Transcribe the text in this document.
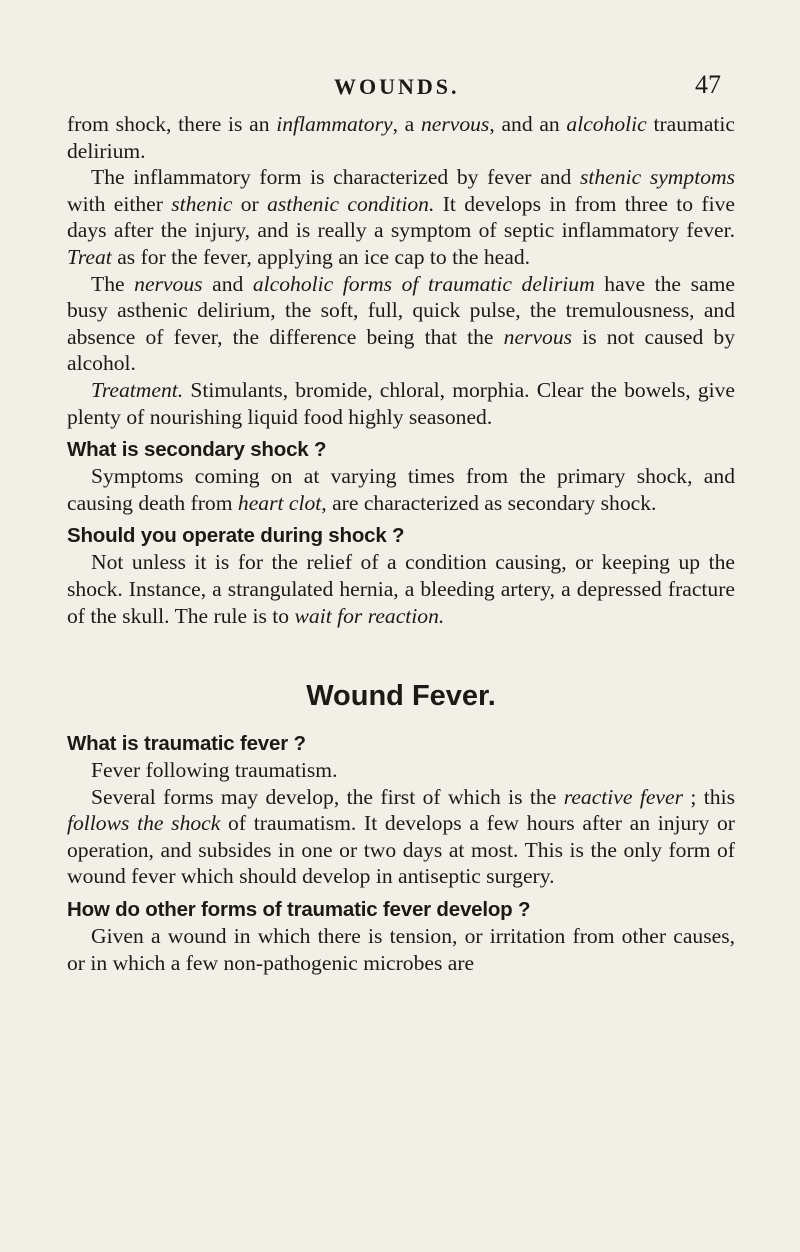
WOUNDS.	47

from shock, there is an inflammatory, a nervous, and an alcoholic traumatic delirium.

The inflammatory form is characterized by fever and sthenic symptoms with either sthenic or asthenic condition. It develops in from three to five days after the injury, and is really a symptom of septic inflammatory fever. Treat as for the fever, applying an ice cap to the head.

The nervous and alcoholic forms of traumatic delirium have the same busy asthenic delirium, the soft, full, quick pulse, the tremulousness, and absence of fever, the difference being that the nervous is not caused by alcohol.

Treatment. Stimulants, bromide, chloral, morphia. Clear the bowels, give plenty of nourishing liquid food highly seasoned.

What is secondary shock ?

Symptoms coming on at varying times from the primary shock, and causing death from heart clot, are characterized as secondary shock.

Should you operate during shock ?

Not unless it is for the relief of a condition causing, or keeping up the shock. Instance, a strangulated hernia, a bleeding artery, a depressed fracture of the skull. The rule is to wait for reaction.

Wound Fever.

What is traumatic fever ?

Fever following traumatism.

Several forms may develop, the first of which is the reactive fever ; this follows the shock of traumatism. It develops a few hours after an injury or operation, and subsides in one or two days at most. This is the only form of wound fever which should develop in antiseptic surgery.

How do other forms of traumatic fever develop ?

Given a wound in which there is tension, or irritation from other causes, or in which a few non-pathogenic microbes are
